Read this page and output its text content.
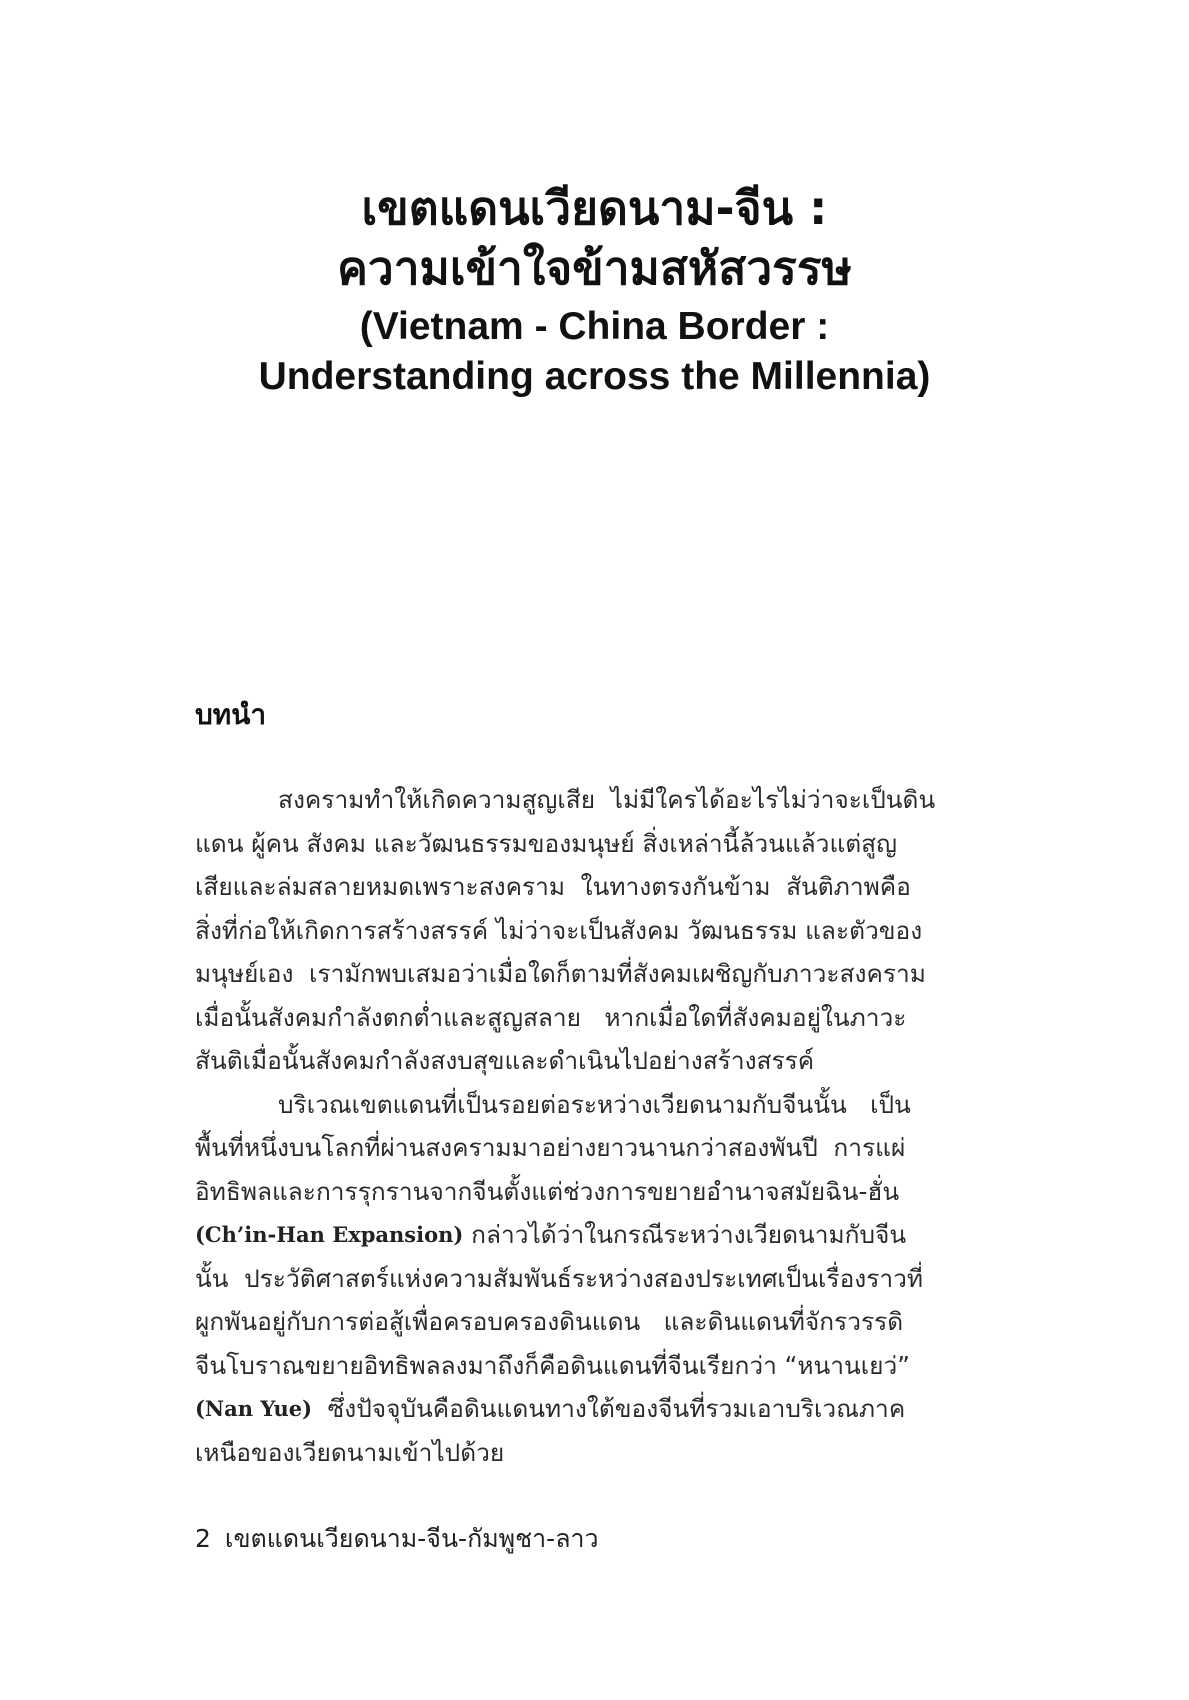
เขตแดนเวียดนาม-จีน :

ความเข้าใจข้ามสหัสวรรษ

(Vietnam - China Border :

Understanding across the Millennia)

บทนำ
สงครามทำให้เกิดความสูญเสีย  ไม่มีใครได้อะไรไม่ว่าจะเป็นดิน
แดน ผู้คน สังคม และวัฒนธรรมของมนุษย์ สิ่งเหล่านี้ล้วนแล้วแต่สูญ
เสียและล่มสลายหมดเพราะสงคราม  ในทางตรงกันข้าม  สันติภาพคือ
สิ่งที่ก่อให้เกิดการสร้างสรรค์ ไม่ว่าจะเป็นสังคม วัฒนธรรม และตัวของ
มนุษย์เอง  เรามักพบเสมอว่าเมื่อใดก็ตามที่สังคมเผชิญกับภาวะสงคราม
เมื่อนั้นสังคมกำลังตกต่ำและสูญสลาย   หากเมื่อใดที่สังคมอยู่ในภาวะ
สันติเมื่อนั้นสังคมกำลังสงบสุขและดำเนินไปอย่างสร้างสรรค์
บริเวณเขตแดนที่เป็นรอยต่อระหว่างเวียดนามกับจีนนั้น   เป็น
พื้นที่หนึ่งบนโลกที่ผ่านสงครามมาอย่างยาวนานกว่าสองพันปี  การแผ่
อิทธิพลและการรุกรานจากจีนตั้งแต่ช่วงการขยายอำนาจสมัยฉิน-ฮั่น
(Ch’in-Han Expansion) กล่าวได้ว่าในกรณีระหว่างเวียดนามกับจีน
นั้น  ประวัติศาสตร์แห่งความสัมพันธ์ระหว่างสองประเทศเป็นเรื่องราวที่
ผูกพันอยู่กับการต่อสู้เพื่อครอบครองดินแดน   และดินแดนที่จักรวรรดิ
จีนโบราณขยายอิทธิพลลงมาถึงก็คือดินแดนที่จีนเรียกว่า “หนานเยว่”
(Nan Yue) ซึ่งปัจจุบันคือดินแดนทางใต้ของจีนที่รวมเอาบริเวณภาค
เหนือของเวียดนามเข้าไปด้วย
2 เขตแดนเวียดนาม-จีน-กัมพูชา-ลาว
